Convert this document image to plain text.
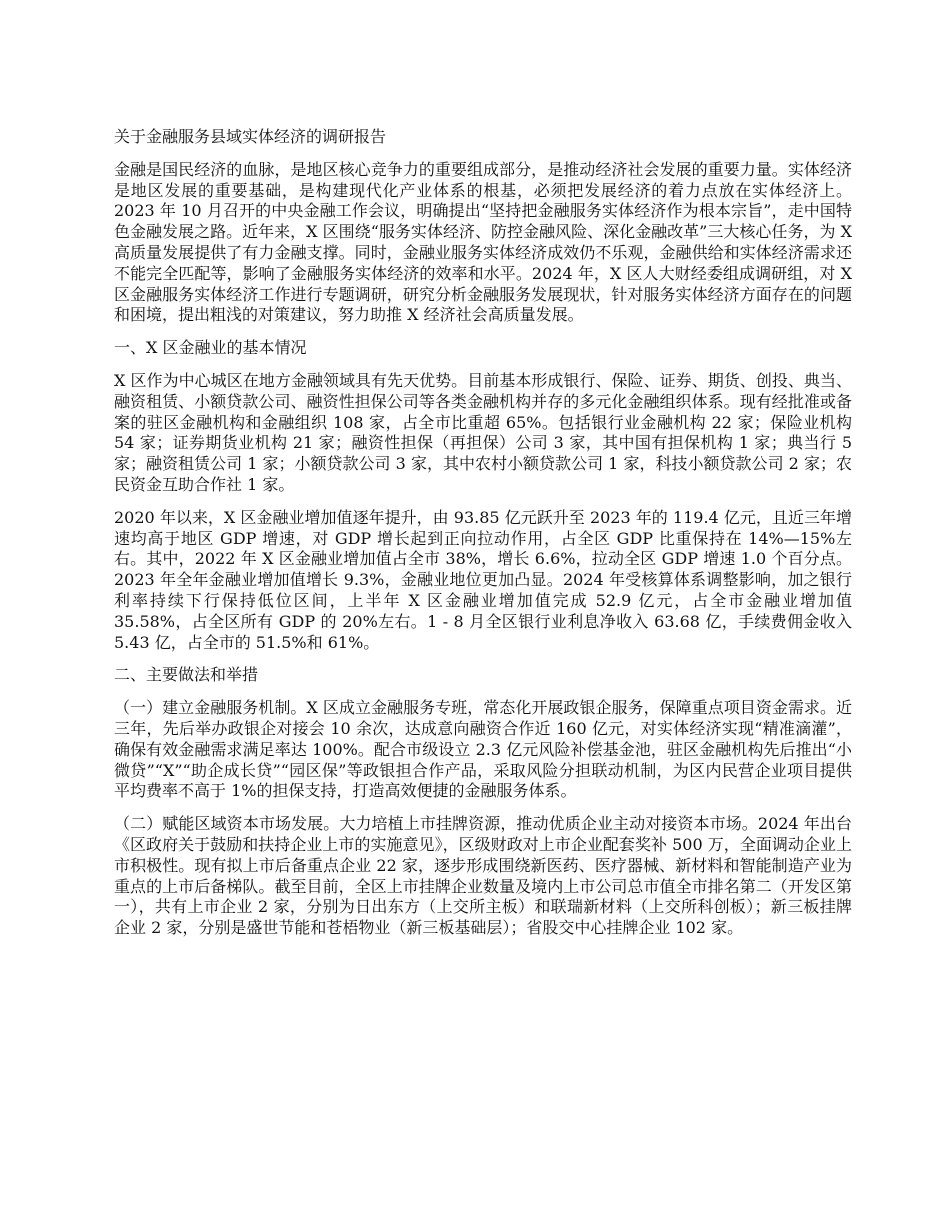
关于金融服务县域实体经济的调研报告

金融是国民经济的血脉，是地区核心竞争力的重要组成部分，是推动经济社会发展的重要力量。实体经济是地区发展的重要基础，是构建现代化产业体系的根基，必须把发展经济的着力点放在实体经济上。2023 年 10 月召开的中央金融工作会议，明确提出“坚持把金融服务实体经济作为根本宗旨”，走中国特色金融发展之路。近年来，X 区围绕“服务实体经济、防控金融风险、深化金融改革”三大核心任务，为 X 高质量发展提供了有力金融支撑。同时，金融业服务实体经济成效仍不乐观，金融供给和实体经济需求还不能完全匹配等，影响了金融服务实体经济的效率和水平。2024 年，X 区人大财经委组成调研组，对 X 区金融服务实体经济工作进行专题调研，研究分析金融服务发展现状，针对服务实体经济方面存在的问题和困境，提出粗浅的对策建议，努力助推 X 经济社会高质量发展。

一、X 区金融业的基本情况

X 区作为中心城区在地方金融领域具有先天优势。目前基本形成银行、保险、证券、期货、创投、典当、融资租赁、小额贷款公司、融资性担保公司等各类金融机构并存的多元化金融组织体系。现有经批准或备案的驻区金融机构和金融组织 108 家，占全市比重超 65%。包括银行业金融机构 22 家；保险业机构 54 家；证券期货业机构 21 家；融资性担保（再担保）公司 3 家，其中国有担保机构 1 家；典当行 5 家；融资租赁公司 1 家；小额贷款公司 3 家，其中农村小额贷款公司 1 家，科技小额贷款公司 2 家；农民资金互助合作社 1 家。

2020 年以来，X 区金融业增加值逐年提升，由 93.85 亿元跃升至 2023 年的 119.4 亿元，且近三年增速均高于地区 GDP 增速，对 GDP 增长起到正向拉动作用，占全区 GDP 比重保持在 14%—15%左右。其中，2022 年 X 区金融业增加值占全市 38%，增长 6.6%，拉动全区 GDP 增速 1.0 个百分点。2023 年全年金融业增加值增长 9.3%，金融业地位更加凸显。2024 年受核算体系调整影响，加之银行利率持续下行保持低位区间，上半年 X 区金融业增加值完成 52.9 亿元，占全市金融业增加值 35.58%，占全区所有 GDP 的 20%左右。1 - 8 月全区银行业利息净收入 63.68 亿，手续费佣金收入 5.43 亿，占全市的 51.5%和 61%。

二、主要做法和举措

（一）建立金融服务机制。X 区成立金融服务专班，常态化开展政银企服务，保障重点项目资金需求。近三年，先后举办政银企对接会 10 余次，达成意向融资合作近 160 亿元，对实体经济实现“精准滴灌”，确保有效金融需求满足率达 100%。配合市级设立 2.3 亿元风险补偿基金池，驻区金融机构先后推出“小微贷”“X”“助企成长贷”“园区保”等政银担合作产品，采取风险分担联动机制，为区内民营企业项目提供平均费率不高于 1%的担保支持，打造高效便捷的金融服务体系。

（二）赋能区域资本市场发展。大力培植上市挂牌资源，推动优质企业主动对接资本市场。2024 年出台《区政府关于鼓励和扶持企业上市的实施意见》，区级财政对上市企业配套奖补 500 万，全面调动企业上市积极性。现有拟上市后备重点企业 22 家，逐步形成围绕新医药、医疗器械、新材料和智能制造产业为重点的上市后备梯队。截至目前，全区上市挂牌企业数量及境内上市公司总市值全市排名第二（开发区第一），共有上市企业 2 家，分别为日出东方（上交所主板）和联瑞新材料（上交所科创板）；新三板挂牌企业 2 家，分别是盛世节能和苍梧物业（新三板基础层）；省股交中心挂牌企业 102 家。
